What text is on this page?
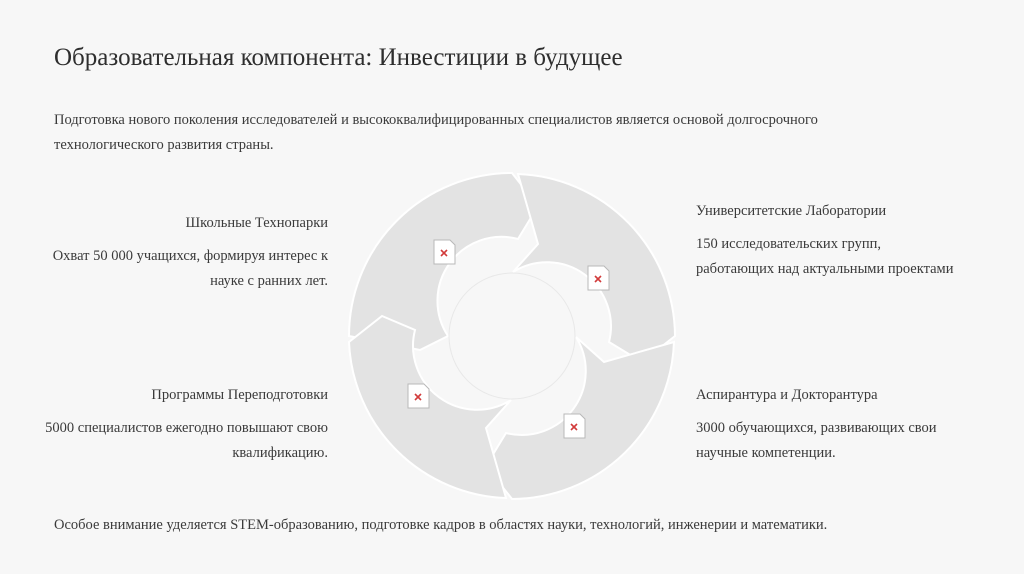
Образовательная компонента: Инвестиции в будущее
Подготовка нового поколения исследователей и высококвалифицированных специалистов является основой долгосрочного технологического развития страны.
Школьные Технопарки
Охват 50 000 учащихся, формируя интерес к науке с ранних лет.
Университетские Лаборатории
150 исследовательских групп, работающих над актуальными проектами
Программы Переподготовки
5000 специалистов ежегодно повышают свою квалификацию.
Аспирантура и Докторантура
3000 обучающихся, развивающих свои научные компетенции.
Особое внимание уделяется STEM-образованию, подготовке кадров в областях науки, технологий, инженерии и математики.
